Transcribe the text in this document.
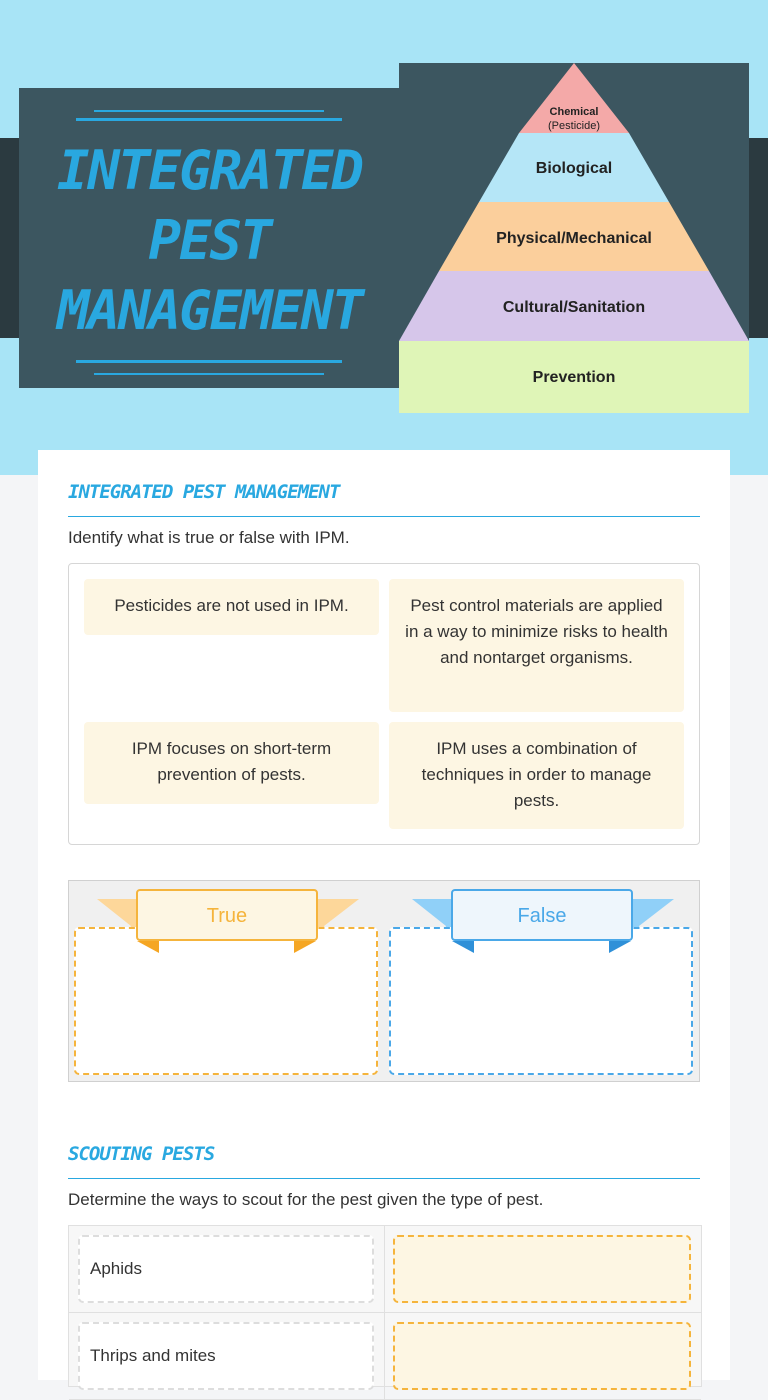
INTEGRATED
PEST
MANAGEMENT
Chemical
(Pesticide)
Biological
Physical/Mechanical
Cultural/Sanitation
Prevention
INTEGRATED PEST MANAGEMENT
Identify what is true or false with IPM.
Pesticides are not used in IPM.	Pest control materials are applied in a way to minimize risks to health and nontarget organisms.
IPM focuses on short-term prevention of pests.
IPM uses a combination of techniques in order to manage pests.
True	False
SCOUTING PESTS
Determine the ways to scout for the pest given the type of pest.
Aphids
Thrips and mites
